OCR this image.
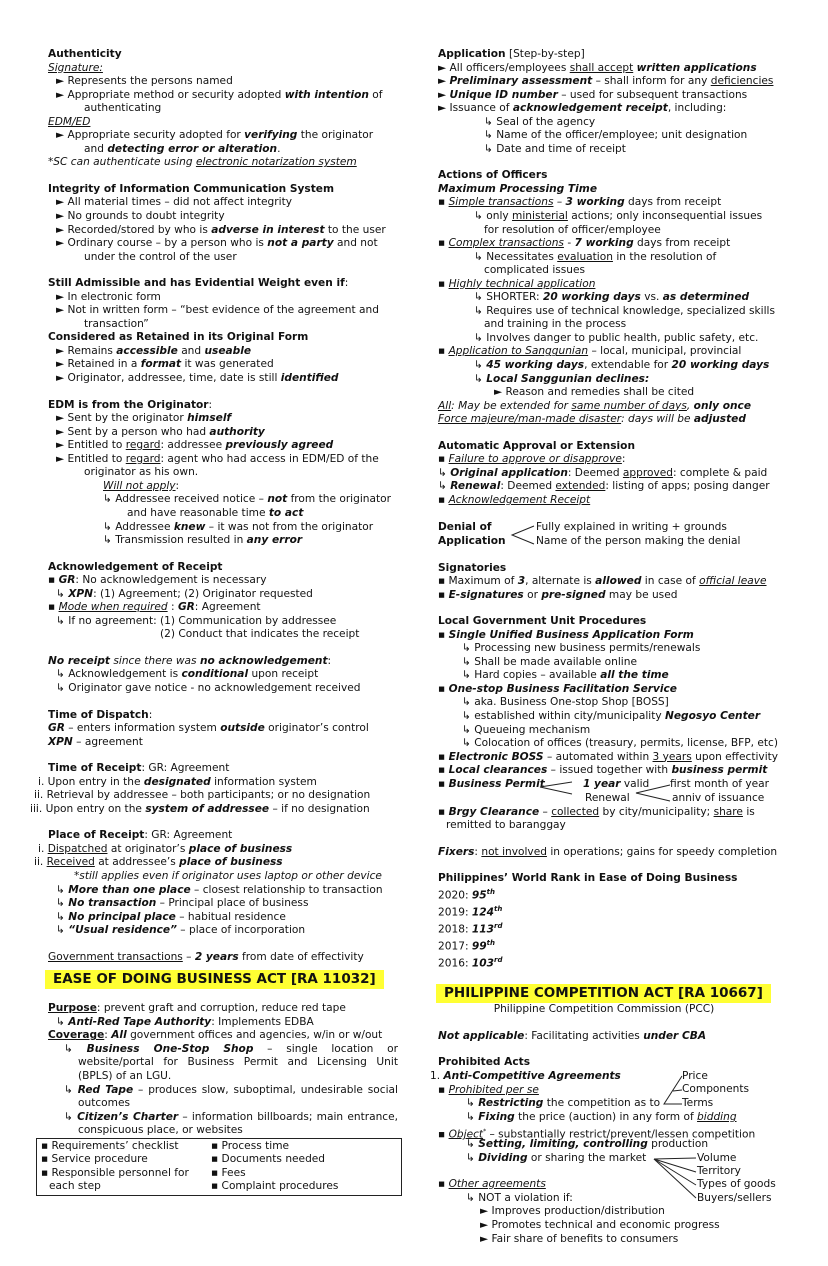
Authenticity
Signature:
► Represents the persons named
► Appropriate method or security adopted with intention of
authenticating
EDM/ED
► Appropriate security adopted for verifying the originator
and detecting error or alteration.
*SC can authenticate using electronic notarization system
Integrity of Information Communication System
► All material times – did not affect integrity
► No grounds to doubt integrity
► Recorded/stored by who is adverse in interest to the user
► Ordinary course – by a person who is not a party and not
under the control of the user
Still Admissible and has Evidential Weight even if:
► In electronic form
► Not in written form – “best evidence of the agreement and
transaction”
Considered as Retained in its Original Form
► Remains accessible and useable
► Retained in a format it was generated
► Originator, addressee, time, date is still identified
EDM is from the Originator:
► Sent by the originator himself
► Sent by a person who had authority
► Entitled to regard: addressee previously agreed
► Entitled to regard: agent who had access in EDM/ED of the
originator as his own.
Will not apply:
↳ Addressee received notice – not from the originator
and have reasonable time to act
↳ Addressee knew – it was not from the originator
↳ Transmission resulted in any error
Acknowledgement of Receipt
▪ GR: No acknowledgement is necessary
↳ XPN: (1) Agreement; (2) Originator requested
▪ Mode when required : GR: Agreement
↳ If no agreement: (1) Communication by addressee
(2) Conduct that indicates the receipt
No receipt since there was no acknowledgement:
↳ Acknowledgement is conditional upon receipt
↳ Originator gave notice - no acknowledgement received
Time of Dispatch:
GR – enters information system outside originator’s control
XPN – agreement
Time of Receipt: GR: Agreement
i. Upon entry in the designated information system
ii. Retrieval by addressee – both participants; or no designation
iii. Upon entry on the system of addressee – if no designation
Place of Receipt: GR: Agreement
i. Dispatched at originator’s place of business
ii. Received at addressee’s place of business
*still applies even if originator uses laptop or other device
↳ More than one place – closest relationship to transaction
↳ No transaction – Principal place of business
↳ No principal place – habitual residence
↳ “Usual residence” – place of incorporation
Government transactions – 2 years from date of effectivity
EASE OF DOING BUSINESS ACT [RA 11032]
Purpose: prevent graft and corruption, reduce red tape
↳ Anti-Red Tape Authority: Implements EDBA
Coverage: All government offices and agencies, w/in or w/out
↳ Business One-Stop Shop – single location or website/portal for Business Permit and Licensing Unit (BPLS) of an LGU.
↳ Red Tape – produces slow, suboptimal, undesirable social outcomes
↳ Citizen’s Charter – information billboards; main entrance, conspicuous place, or websites
▪ Requirements’ checklist	▪ Process time
▪ Service procedure	▪ Documents needed
▪ Responsible personnel for each step
▪ Fees
▪ Complaint procedures
Application [Step-by-step]
► All officers/employees shall accept written applications
► Preliminary assessment – shall inform for any deficiencies
► Unique ID number – used for subsequent transactions
► Issuance of acknowledgement receipt, including:
↳ Seal of the agency
↳ Name of the officer/employee; unit designation
↳ Date and time of receipt
Actions of Officers
Maximum Processing Time
▪ Simple transactions – 3 working days from receipt
↳ only ministerial actions; only inconsequential issues
for resolution of officer/employee
▪ Complex transactions - 7 working days from receipt
↳ Necessitates evaluation in the resolution of
complicated issues
▪ Highly technical application
↳ SHORTER: 20 working days vs. as determined
↳ Requires use of technical knowledge, specialized skills
and training in the process
↳ Involves danger to public health, public safety, etc.
▪ Application to Sanggunian – local, municipal, provincial
↳ 45 working days, extendable for 20 working days
↳ Local Sanggunian declines:
► Reason and remedies shall be cited
All: May be extended for same number of days, only once
Force majeure/man-made disaster: days will be adjusted
Automatic Approval or Extension
▪ Failure to approve or disapprove:
↳ Original application: Deemed approved: complete & paid
↳ Renewal: Deemed extended: listing of apps; posing danger
▪ Acknowledgement Receipt
Denial of
Application
Fully explained in writing + grounds
Name of the person making the denial
Signatories
▪ Maximum of 3, alternate is allowed in case of official leave
▪ E-signatures or pre-signed may be used
Local Government Unit Procedures
▪ Single Unified Business Application Form
↳ Processing new business permits/renewals
↳ Shall be made available online
↳ Hard copies – available all the time
▪ One-stop Business Facilitation Service
↳ aka. Business One-stop Shop [BOSS]
↳ established within city/municipality Negosyo Center
↳ Queueing mechanism
↳ Colocation of offices (treasury, permits, license, BFP, etc)
▪ Electronic BOSS – automated within 3 years upon effectivity
▪ Local clearances – issued together with business permit
▪ Business Permit	1 year valid first month of year
Renewal	anniv of issuance
▪ Brgy Clearance – collected by city/municipality; share is
remitted to baranggay
Fixers: not involved in operations; gains for speedy completion
Philippines’ World Rank in Ease of Doing Business
2020: 95th
2019: 124th
2018: 113rd
2017: 99th
2016: 103rd
PHILIPPINE COMPETITION ACT [RA 10667]
Philippine Competition Commission (PCC)
Not applicable: Facilitating activities under CBA
Prohibited Acts
1. Anti-Competitive Agreements
▪ Prohibited per se
↳ Restricting the competition as to
Price
Components
Terms
↳ Fixing the price (auction) in any form of bidding
▪ Object* – substantially restrict/prevent/lessen competition
↳ Setting, limiting, controlling production
↳ Dividing or sharing the market	Volume
Territory
▪ Other agreements	Types of goods
↳ NOT a violation if:	Buyers/sellers
► Improves production/distribution
► Promotes technical and economic progress
► Fair share of benefits to consumers
